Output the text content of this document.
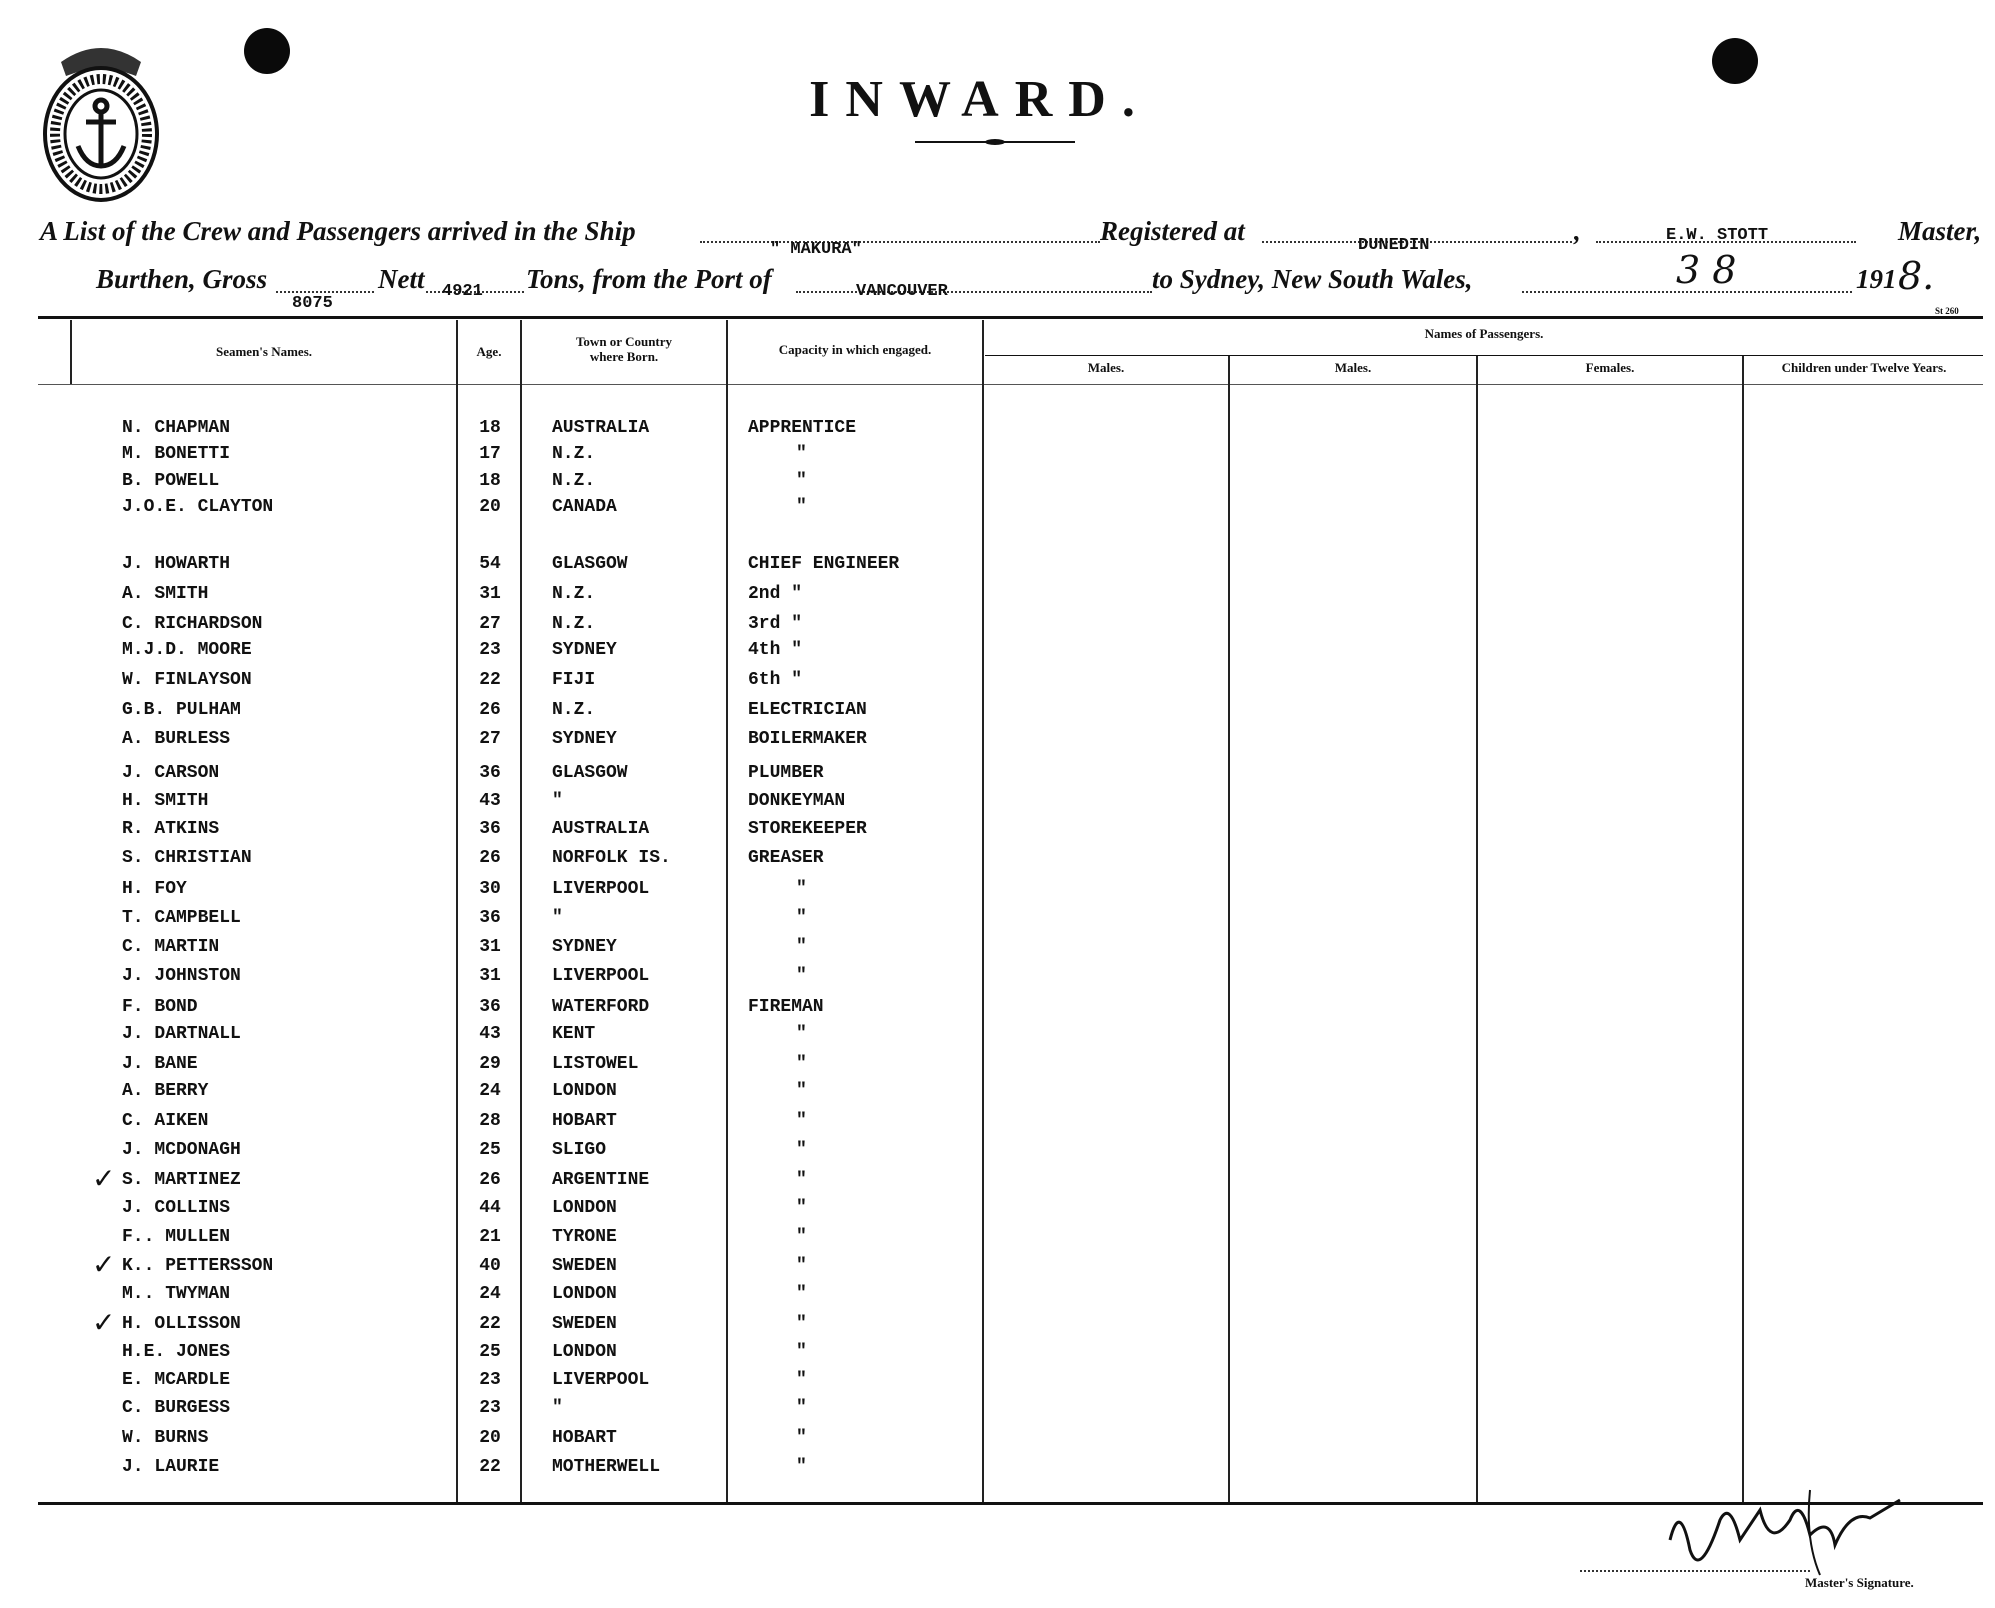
INWARD.
A List of the Crew and Passengers arrived in the Ship
" MAKURA"
Registered at	DUNEDIN	,	E.W. STOTT	Master,
Burthen, Gross
8075
Nett 4921 Tons, from the Port of	VANCOUVER	to Sydney, New South Wales,	3 8	191 8.
St 260
Seamen's Names.	Age.
Town or Country
where Born.	Capacity in which engaged.
Names of Passengers.
Males.	Males.	Females.	Children under Twelve Years.
N. CHAPMAN	18	AUSTRALIA	APPRENTICE
M. BONETTI	17	N.Z.	"
B. POWELL	18	N.Z.	"
J.O.E. CLAYTON	20	CANADA	"
J. HOWARTH	54	GLASGOW	CHIEF ENGINEER
A. SMITH	31	N.Z.	2nd "
C. RICHARDSON	27	N.Z.	3rd "
M.J.D. MOORE	23	SYDNEY	4th "
W. FINLAYSON	22	FIJI	6th "
G.B. PULHAM	26	N.Z.	ELECTRICIAN
A. BURLESS	27	SYDNEY	BOILERMAKER
J. CARSON	36	GLASGOW	PLUMBER
H. SMITH	43	"	DONKEYMAN
R. ATKINS	36	AUSTRALIA	STOREKEEPER
S. CHRISTIAN	26	NORFOLK IS.	GREASER
H. FOY	30	LIVERPOOL	"
T. CAMPBELL	36	"	"
C. MARTIN	31	SYDNEY	"
J. JOHNSTON	31	LIVERPOOL	"
F. BOND	36	WATERFORD	FIREMAN
J. DARTNALL	43	KENT	"
J. BANE	29	LISTOWEL	"
A. BERRY	24	LONDON	"
C. AIKEN	28	HOBART	"
J. MCDONAGH	25	SLIGO	"
S. MARTINEZ	26	ARGENTINE	"
✓
J. COLLINS	44	LONDON	"
F.. MULLEN	21	TYRONE	"
K.. PETTERSSON	40	SWEDEN	"
✓
M.. TWYMAN	24	LONDON	"
H. OLLISSON	22	SWEDEN	"
✓
H.E. JONES	25	LONDON	"
E. MCARDLE	23	LIVERPOOL	"
C. BURGESS	23	"	"
W. BURNS	20	HOBART	"
J. LAURIE	22	MOTHERWELL	"
Master's Signature.
